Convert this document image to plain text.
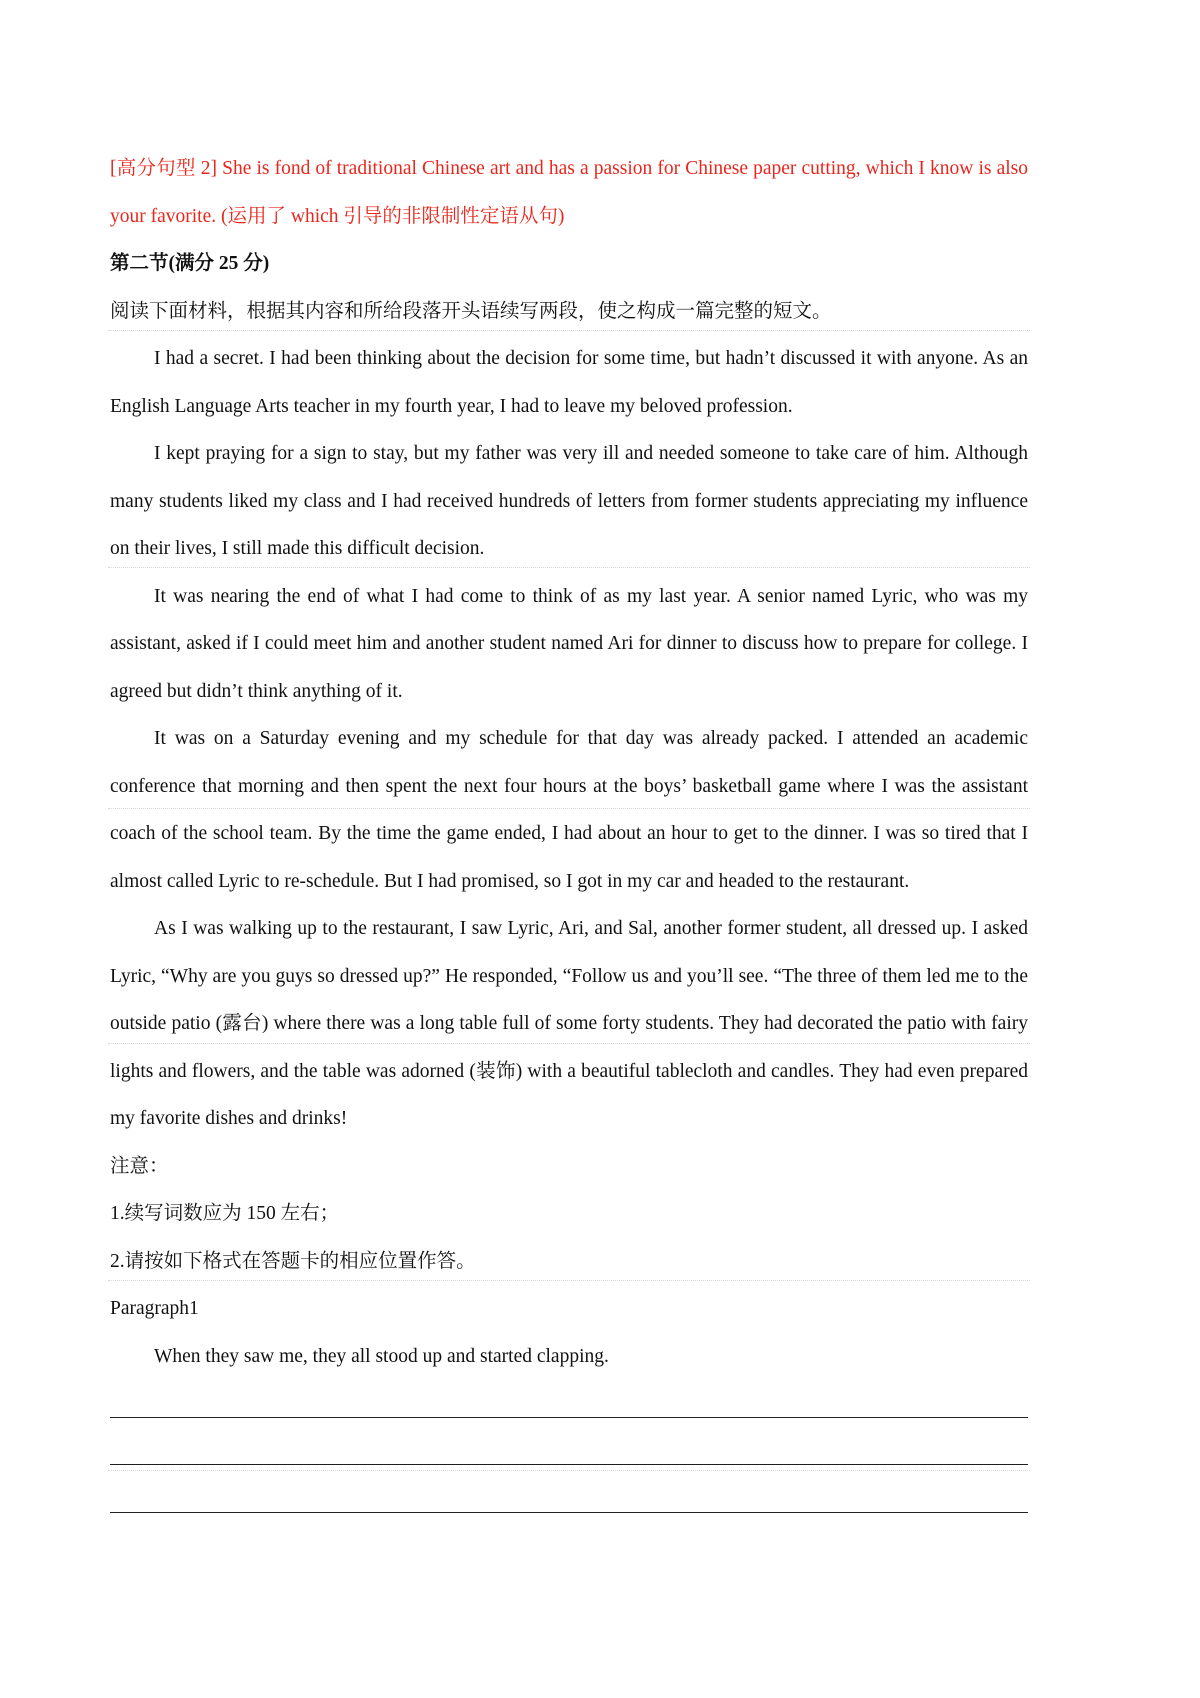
[高分句型 2] She is fond of traditional Chinese art and has a passion for Chinese paper cutting, which I know is also your favorite. (运用了 which 引导的非限制性定语从句)

第二节(满分 25 分)

阅读下面材料，根据其内容和所给段落开头语续写两段，使之构成一篇完整的短文。

I had a secret. I had been thinking about the decision for some time, but hadn’t discussed it with anyone. As an English Language Arts teacher in my fourth year, I had to leave my beloved profession.

I kept praying for a sign to stay, but my father was very ill and needed someone to take care of him. Although many students liked my class and I had received hundreds of letters from former students appreciating my influence on their lives, I still made this difficult decision.

It was nearing the end of what I had come to think of as my last year. A senior named Lyric, who was my assistant, asked if I could meet him and another student named Ari for dinner to discuss how to prepare for college. I agreed but didn’t think anything of it.

It was on a Saturday evening and my schedule for that day was already packed. I attended an academic conference that morning and then spent the next four hours at the boys’ basketball game where I was the assistant coach of the school team. By the time the game ended, I had about an hour to get to the dinner. I was so tired that I almost called Lyric to re-schedule. But I had promised, so I got in my car and headed to the restaurant.

As I was walking up to the restaurant, I saw Lyric, Ari, and Sal, another former student, all dressed up. I asked Lyric, “Why are you guys so dressed up?” He responded, “Follow us and you’ll see. “The three of them led me to the outside patio (露台) where there was a long table full of some forty students. They had decorated the patio with fairy lights and flowers, and the table was adorned (装饰) with a beautiful tablecloth and candles. They had even prepared my favorite dishes and drinks!

注意：

1.续写词数应为 150 左右；

2.请按如下格式在答题卡的相应位置作答。

Paragraph1

When they saw me, they all stood up and started clapping.
